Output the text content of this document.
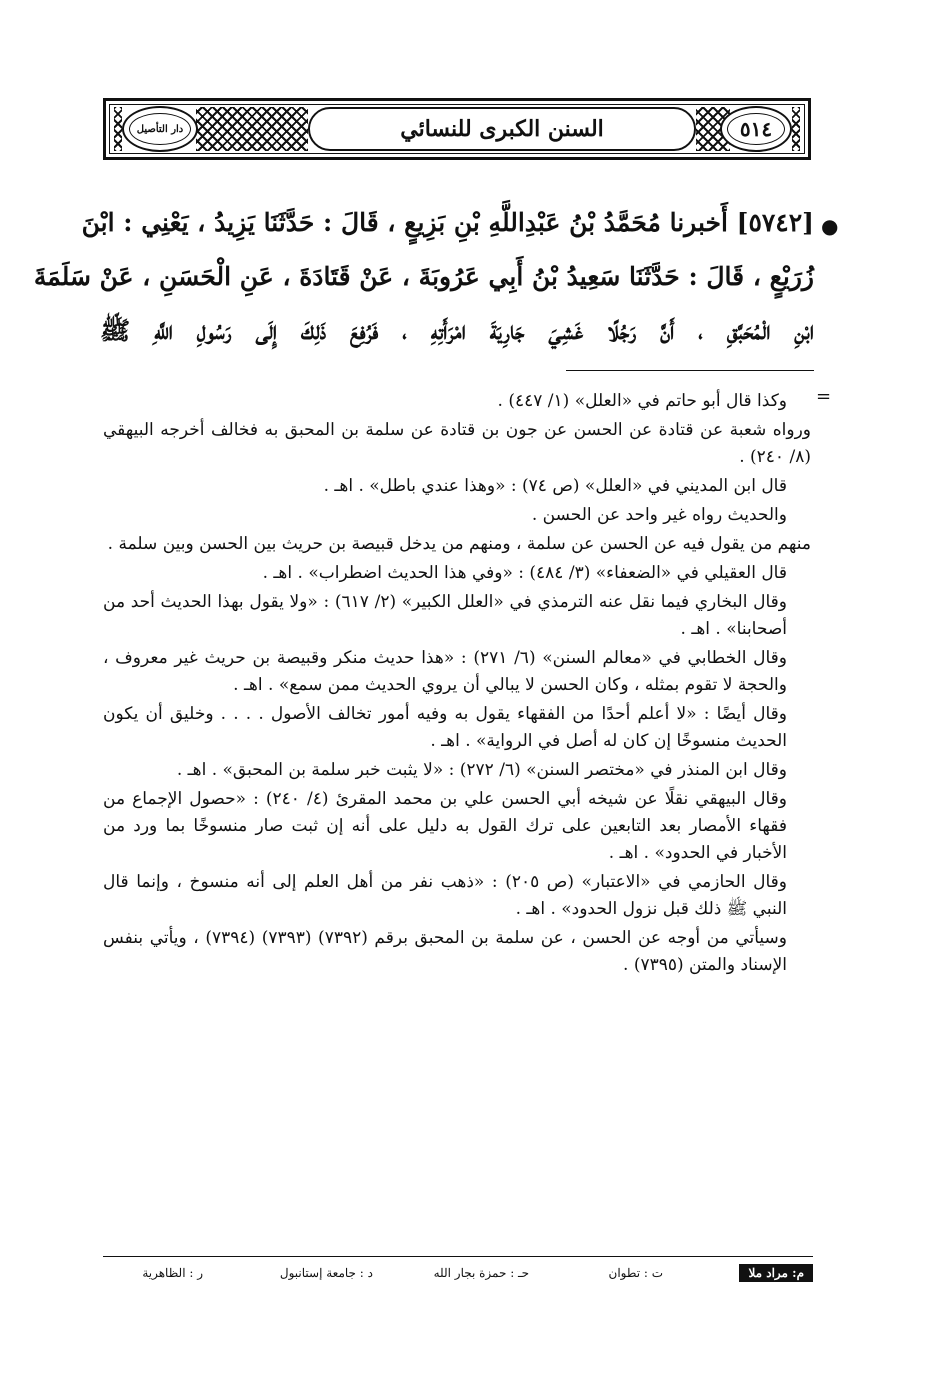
دار التأصيل	السنن الكبرى للنسائي	٥١٤
●
[٥٧٤٢] أَخبرنا مُحَمَّدُ بْنُ عَبْدِاللَّهِ بْنِ بَزِيعٍ ، قَالَ : حَدَّثَنَا يَزِيدُ ، يَعْنِي : ابْنَ
زُرَيْعٍ ، قَالَ : حَدَّثَنَا سَعِيدُ بْنُ أَبِي عَرُوبَةَ ، عَنْ قَتَادَةَ ، عَنِ الْحَسَنِ ، عَنْ سَلَمَةَ
ابْنِ الْمُحَبَّقِ ، أَنَّ رَجُلًا غَشِيَ جَارِيَةَ امْرَأَتِهِ ، فَرُفِعَ ذَلِكَ إِلَى رَسُولِ اللَّهِ ﷺ
=

وكذا قال أبو حاتم في «العلل» (١/ ٤٤٧) .

ورواه شعبة عن قتادة عن الحسن عن جون بن قتادة عن سلمة بن المحبق به فخالف أخرجه البيهقي (٨/ ٢٤٠) .

قال ابن المديني في «العلل» (ص ٧٤) : «وهذا عندي باطل» . اهـ .

والحديث رواه غير واحد عن الحسن .

منهم من يقول فيه عن الحسن عن سلمة ، ومنهم من يدخل قبيصة بن حريث بين الحسن وبين سلمة .

قال العقيلي في «الضعفاء» (٣/ ٤٨٤) : «وفي هذا الحديث اضطراب» . اهـ .

وقال البخاري فيما نقل عنه الترمذي في «العلل الكبير» (٢/ ٦١٧) : «ولا يقول بهذا الحديث أحد من أصحابنا» . اهـ .

وقال الخطابي في «معالم السنن» (٦/ ٢٧١) : «هذا حديث منكر وقبيصة بن حريث غير معروف ، والحجة لا تقوم بمثله ، وكان الحسن لا يبالي أن يروي الحديث ممن سمع» . اهـ .

وقال أيضًا : «لا أعلم أحدًا من الفقهاء يقول به وفيه أمور تخالف الأصول . . . . وخليق أن يكون الحديث منسوخًا إن كان له أصل في الرواية» . اهـ .

وقال ابن المنذر في «مختصر السنن» (٦/ ٢٧٢) : «لا يثبت خبر سلمة بن المحبق» . اهـ .

وقال البيهقي نقلًا عن شيخه أبي الحسن علي بن محمد المقرئ (٤/ ٢٤٠) : «حصول الإجماع من فقهاء الأمصار بعد التابعين على ترك القول به دليل على أنه إن ثبت صار منسوخًا بما ورد من الأخبار في الحدود» . اهـ .

وقال الحازمي في «الاعتبار» (ص ٢٠٥) : «ذهب نفر من أهل العلم إلى أنه منسوخ ، وإنما قال النبي ﷺ ذلك قبل نزول الحدود» . اهـ .

وسيأتي من أوجه عن الحسن ، عن سلمة بن المحبق برقم (٧٣٩٢) (٧٣٩٣) (٧٣٩٤) ، ويأتي بنفس الإسناد والمتن (٧٣٩٥) .

م: مراد ملا
ت : تطوان
حـ : حمزة بجار الله
د : جامعة إستانبول
ر : الظاهرية
